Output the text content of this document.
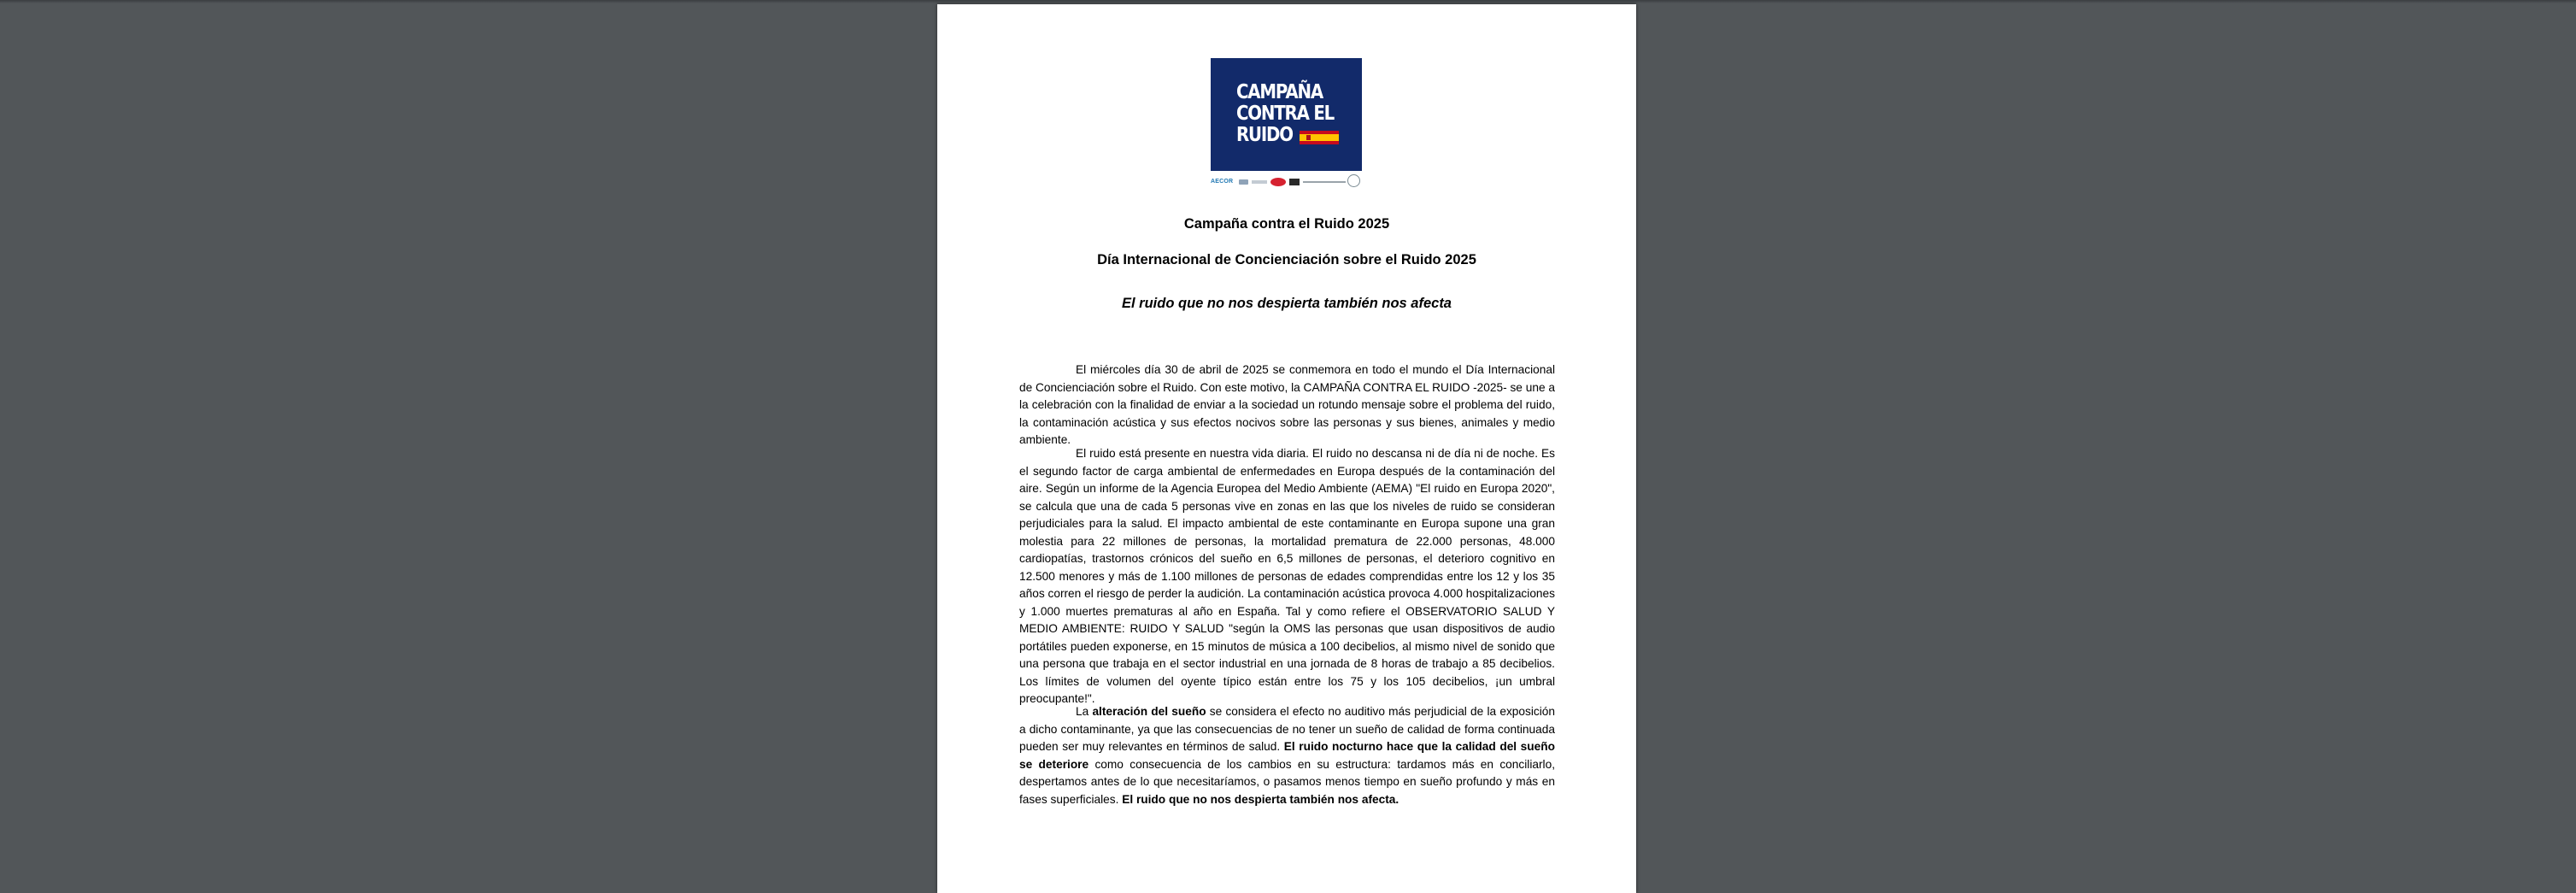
CAMPAÑA
CONTRA EL
RUIDO
AECOR
Campaña contra el Ruido 2025
Día Internacional de Concienciación sobre el Ruido 2025
El ruido que no nos despierta también nos afecta

El miércoles día 30 de abril de 2025 se conmemora en todo el mundo el Día Internacional de Concienciación sobre el Ruido. Con este motivo, la CAMPAÑA CONTRA EL RUIDO -2025- se une a la celebración con la finalidad de enviar a la sociedad un rotundo mensaje sobre el problema del ruido, la contaminación acústica y sus efectos nocivos sobre las personas y sus bienes, animales y medio ambiente.

El ruido está presente en nuestra vida diaria. El ruido no descansa ni de día ni de noche. Es el segundo factor de carga ambiental de enfermedades en Europa después de la contaminación del aire. Según un informe de la Agencia Europea del Medio Ambiente (AEMA) "El ruido en Europa 2020", se calcula que una de cada 5 personas vive en zonas en las que los niveles de ruido se consideran perjudiciales para la salud. El impacto ambiental de este contaminante en Europa supone una gran molestia para 22 millones de personas, la mortalidad prematura de 22.000 personas, 48.000 cardiopatías, trastornos crónicos del sueño en 6,5 millones de personas, el deterioro cognitivo en 12.500 menores y más de 1.100 millones de personas de edades comprendidas entre los 12 y los 35 años corren el riesgo de perder la audición. La contaminación acústica provoca 4.000 hospitalizaciones y 1.000 muertes prematuras al año en España. Tal y como refiere el OBSERVATORIO SALUD Y MEDIO AMBIENTE: RUIDO Y SALUD "según la OMS las personas que usan dispositivos de audio portátiles pueden exponerse, en 15 minutos de música a 100 decibelios, al mismo nivel de sonido que una persona que trabaja en el sector industrial en una jornada de 8 horas de trabajo a 85 decibelios. Los límites de volumen del oyente típico están entre los 75 y los 105 decibelios, ¡un umbral preocupante!".

La alteración del sueño se considera el efecto no auditivo más perjudicial de la exposición a dicho contaminante, ya que las consecuencias de no tener un sueño de calidad de forma continuada pueden ser muy relevantes en términos de salud. El ruido nocturno hace que la calidad del sueño se deteriore como consecuencia de los cambios en su estructura: tardamos más en conciliarlo, despertamos antes de lo que necesitaríamos, o pasamos menos tiempo en sueño profundo y más en fases superficiales. El ruido que no nos despierta también nos afecta.
